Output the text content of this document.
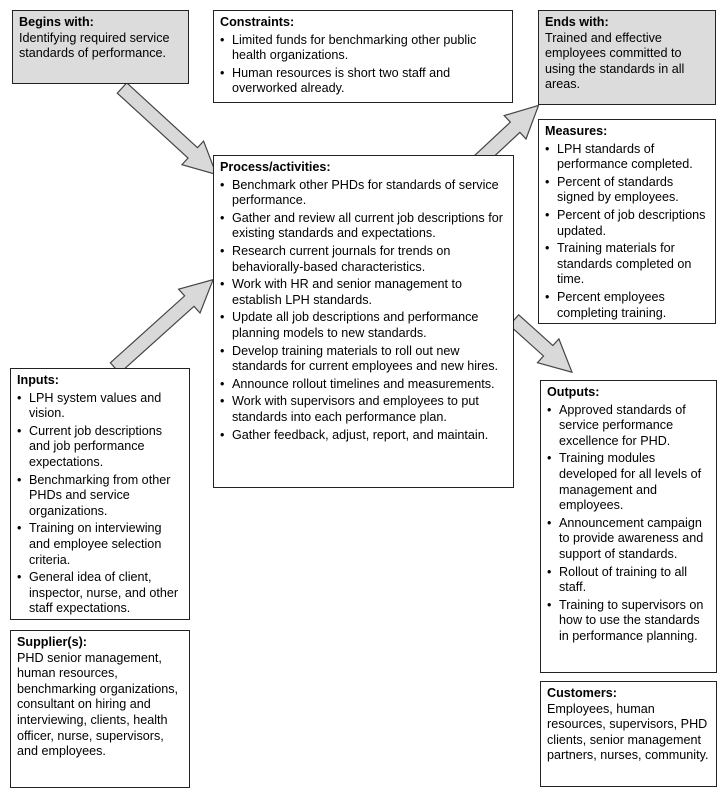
Begins with:

Identifying required service standards of performance.

Constraints:
• Limited funds for benchmarking other public health organizations.
• Human resources is short two staff and overworked already.
Ends with:

Trained and effective employees committed to using the standards in all areas.

Measures:
• LPH standards of performance completed.
• Percent of standards signed by employees.
• Percent of job descriptions updated.
• Training materials for standards completed on time.
• Percent employees completing training.
Process/activities:
• Benchmark other PHDs for standards of service performance.
• Gather and review all current job descriptions for existing standards and expectations.
• Research current journals for trends on behaviorally-based characteristics.
• Work with HR and senior management to establish LPH standards.
• Update all job descriptions and performance planning models to new standards.
• Develop training materials to roll out new standards for current employees and new hires.
• Announce rollout timelines and measurements.
• Work with supervisors and employees to put standards into each performance plan.
• Gather feedback, adjust, report, and maintain.
Inputs:
• LPH system values and vision.
• Current job descriptions and job performance expectations.
• Benchmarking from other PHDs and service organizations.
• Training on interviewing and employee selection criteria.
• General idea of client, inspector, nurse, and other staff expectations.
Outputs:
• Approved standards of service performance excellence for PHD.
• Training modules developed for all levels of management and employees.
• Announcement campaign to provide awareness and support of standards.
• Rollout of training to all staff.
• Training to supervisors on how to use the standards in performance planning.
Supplier(s):

PHD senior management, human resources, benchmarking organizations, consultant on hiring and interviewing, clients, health officer, nurse, supervisors, and employees.

Customers:

Employees, human resources, supervisors, PHD clients, senior management partners, nurses, community.
